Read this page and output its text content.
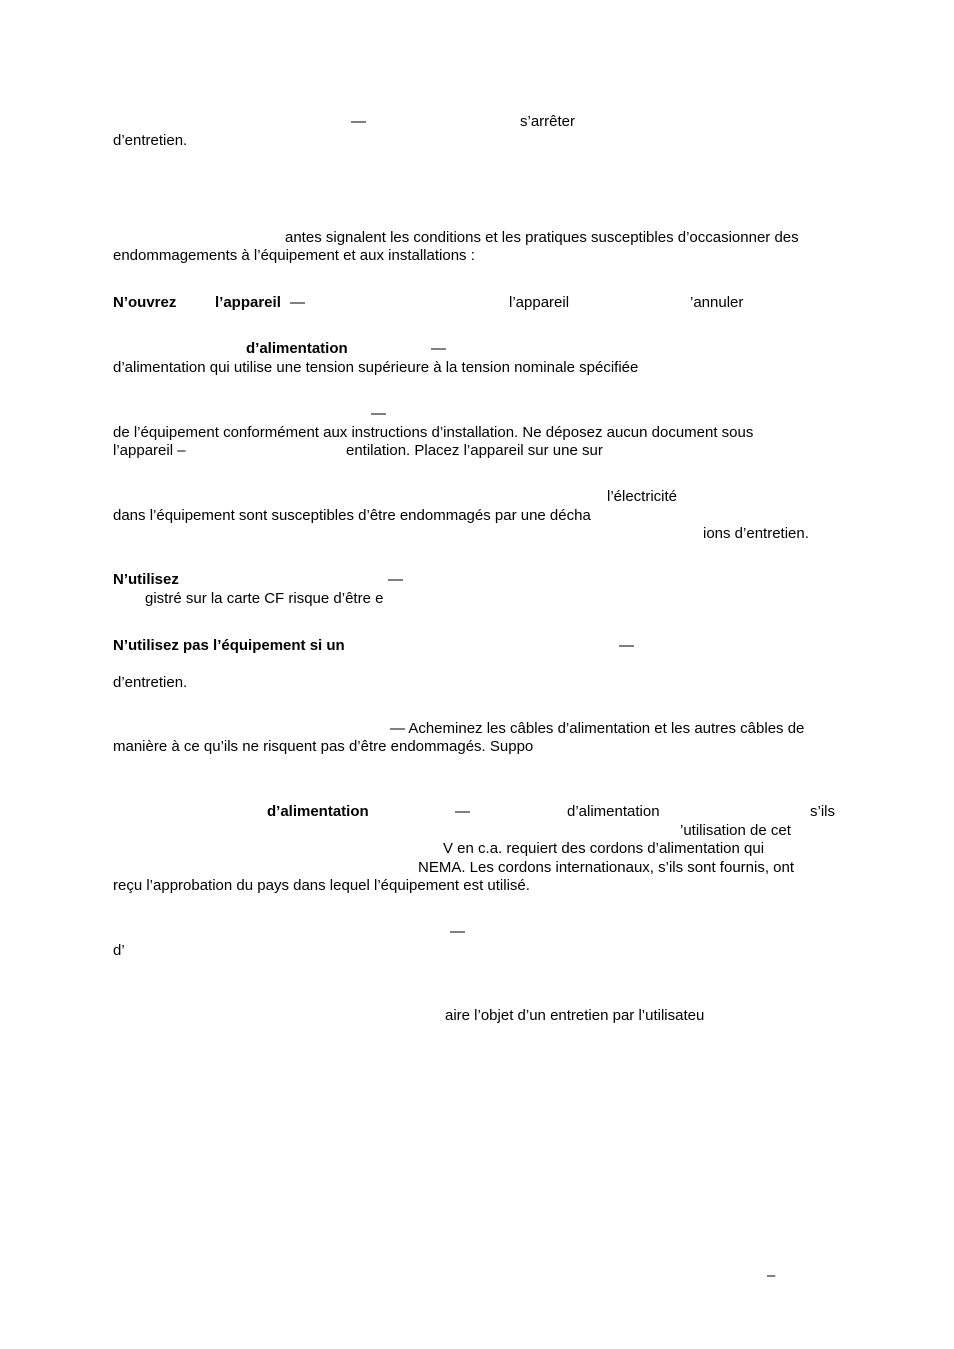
—	s’arrêter
d’entretien.
antes signalent les conditions et les pratiques susceptibles d’occasionner des
endommagements à l’équipement et aux installations :
N’ouvrez	l’appareil —	l’appareil	’annuler
d’alimentation	—
d’alimentation qui utilise une tension supérieure à la tension nominale spécifiée
—
de l’équipement conformément aux instructions d’installation. Ne déposez aucun document sous
l’appareil –	entilation. Placez l’appareil sur une sur
l’électricité
dans l’équipement sont susceptibles d’être endommagés par une décha
ions d’entretien.
N’utilisez	—
gistré sur la carte CF risque d’être e
N’utilisez pas l’équipement si un	—
d’entretien.
— Acheminez les câbles d’alimentation et les autres câbles de
manière à ce qu’ils ne risquent pas d’être endommagés. Suppo
d’alimentation	—	d’alimentation	s’ils
’utilisation de cet
V en c.a. requiert des cordons d’alimentation qui
NEMA. Les cordons internationaux, s’ils sont fournis, ont
reçu l’approbation du pays dans lequel l’équipement est utilisé.
—
d’
aire l’objet d’un entretien par l’utilisateu
–
